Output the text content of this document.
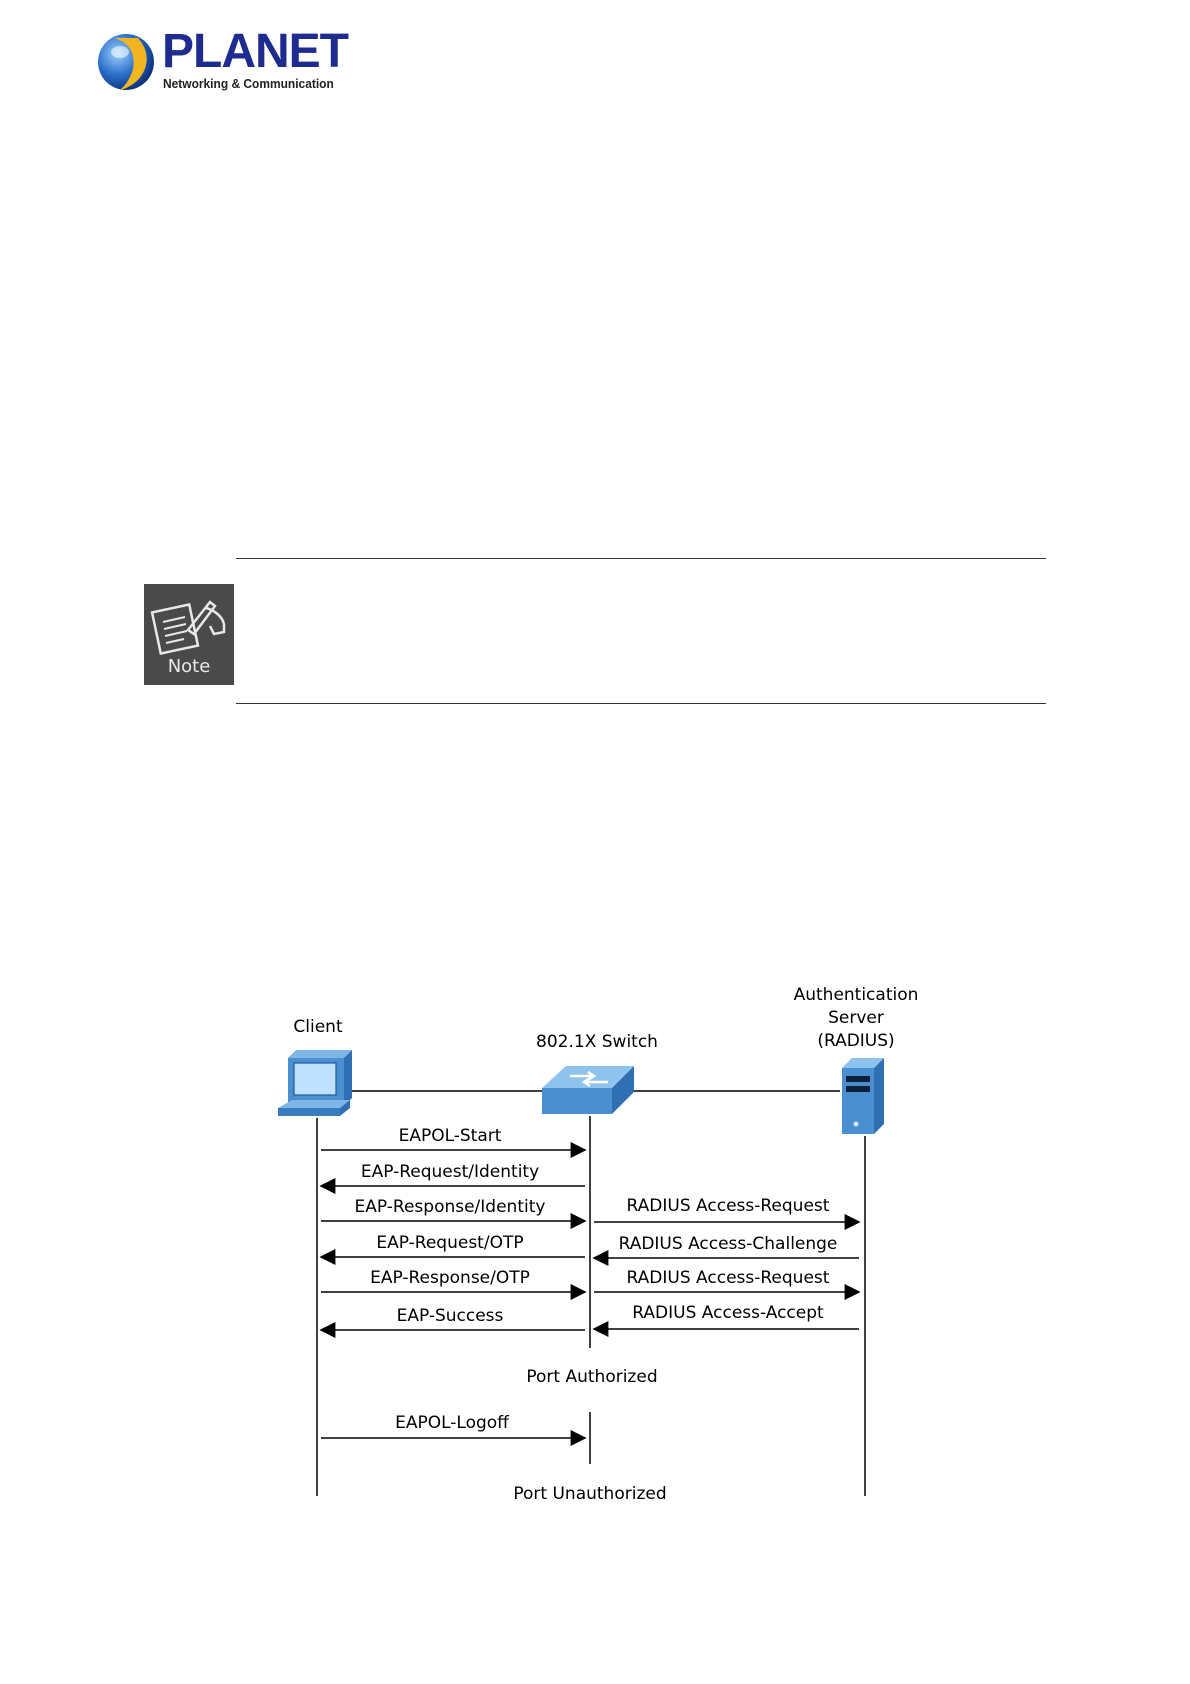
PLANET
Networking & Communication
Note
Client
802.1X Switch
Authentication
Server
(RADIUS)
EAPOL-Start
EAP-Request/Identity
EAP-Response/Identity
EAP-Request/OTP
EAP-Response/OTP
EAP-Success
RADIUS Access-Request
RADIUS Access-Challenge
RADIUS Access-Request
RADIUS Access-Accept
Port Authorized
EAPOL-Logoff
Port Unauthorized
